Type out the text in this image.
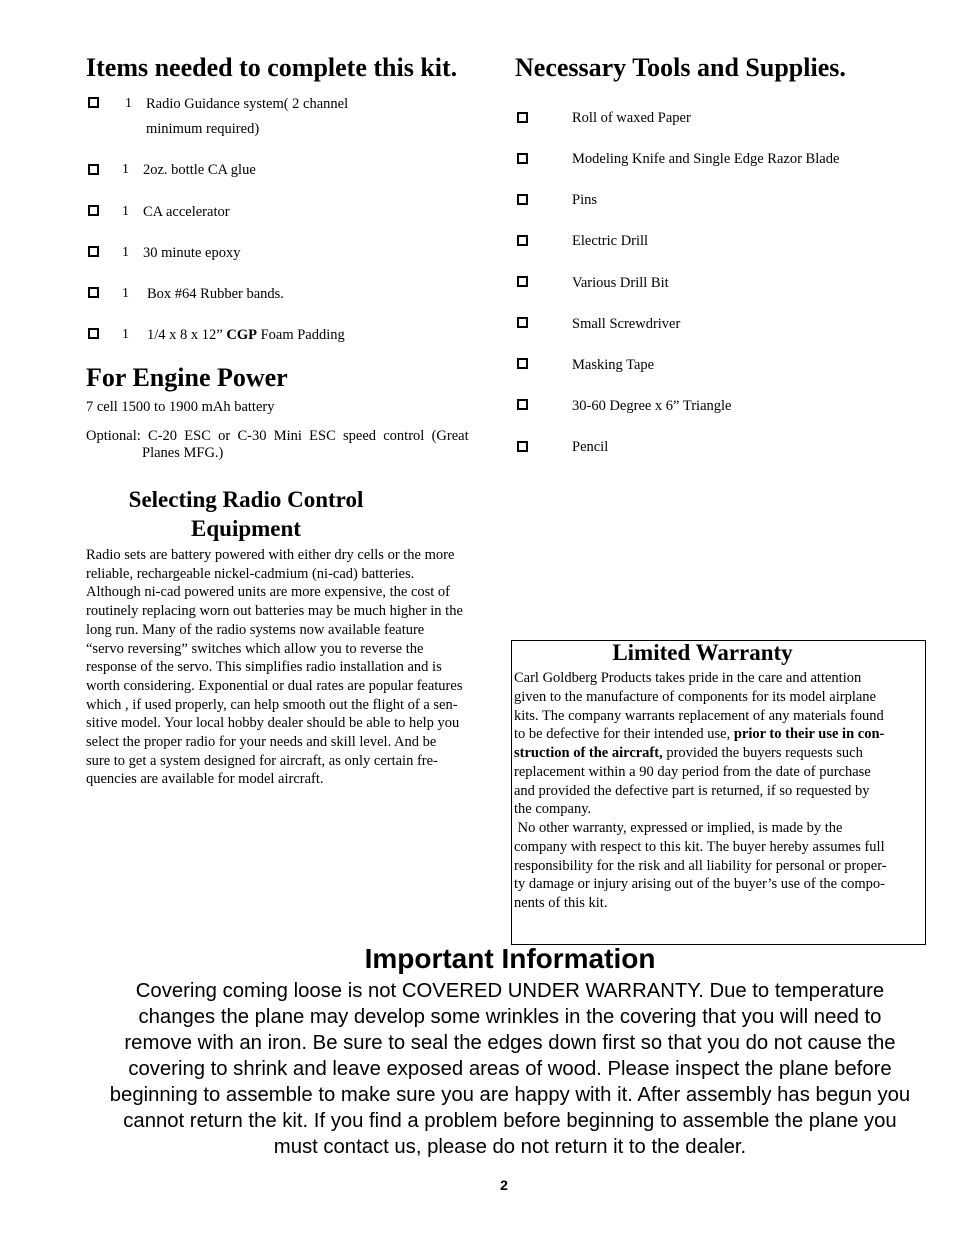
Items needed to complete this kit.
1 Radio Guidance system( 2 channel
minimum required)
1 2oz. bottle CA glue
1 CA accelerator
1 30 minute epoxy
1 Box #64 Rubber bands.
1 1/4 x 8 x 12” CGP Foam Padding
For Engine Power
7 cell 1500 to 1900 mAh battery
Optional:  C-20  ESC  or  C-30  Mini  ESC  speed  control  (Great
Planes MFG.)
Selecting Radio Control
Equipment
Radio sets are battery powered with either dry cells or the more
reliable, rechargeable nickel-cadmium (ni-cad) batteries.
Although ni-cad powered units are more expensive, the cost of
routinely replacing worn out batteries may be much higher in the
long run. Many of the radio systems now available feature
“servo reversing” switches which allow you to reverse the
response of the servo. This simplifies radio installation and is
worth considering. Exponential or dual rates are popular features
which , if used properly, can help smooth out the flight of a sen-
sitive model. Your local hobby dealer should be able to help you
select the proper radio for your needs and skill level. And be
sure to get a system designed for aircraft, as only certain fre-
quencies are available for model aircraft.
Necessary Tools and Supplies.
Roll of waxed Paper
Modeling Knife and Single Edge Razor Blade
Pins
Electric Drill
Various Drill Bit
Small Screwdriver
Masking Tape
30-60 Degree x 6” Triangle
Pencil
Limited Warranty
Carl Goldberg Products takes pride in the care and attention
given to the manufacture of components for its model airplane
kits. The company warrants replacement of any materials found
to be defective for their intended use, prior to their use in con-
struction of the aircraft, provided the buyers requests such
replacement within a 90 day period from the date of purchase
and provided the defective part is returned, if so requested by
the company.
No other warranty, expressed or implied, is made by the
company with respect to this kit. The buyer hereby assumes full
responsibility for the risk and all liability for personal or proper-
ty damage or injury arising out of the buyer’s use of the compo-
nents of this kit.
Important Information
Covering coming loose is not COVERED UNDER WARRANTY. Due to temperature
changes the plane may develop some wrinkles in the covering that you will need to
remove with an iron. Be sure to seal the edges down first so that you do not cause the
covering to shrink and leave exposed areas of wood. Please inspect the plane before
beginning to assemble to make sure you are happy with it. After assembly has begun you
cannot return the kit. If you find a problem before beginning to assemble the plane you
must contact us, please do not return it to the dealer.
2
